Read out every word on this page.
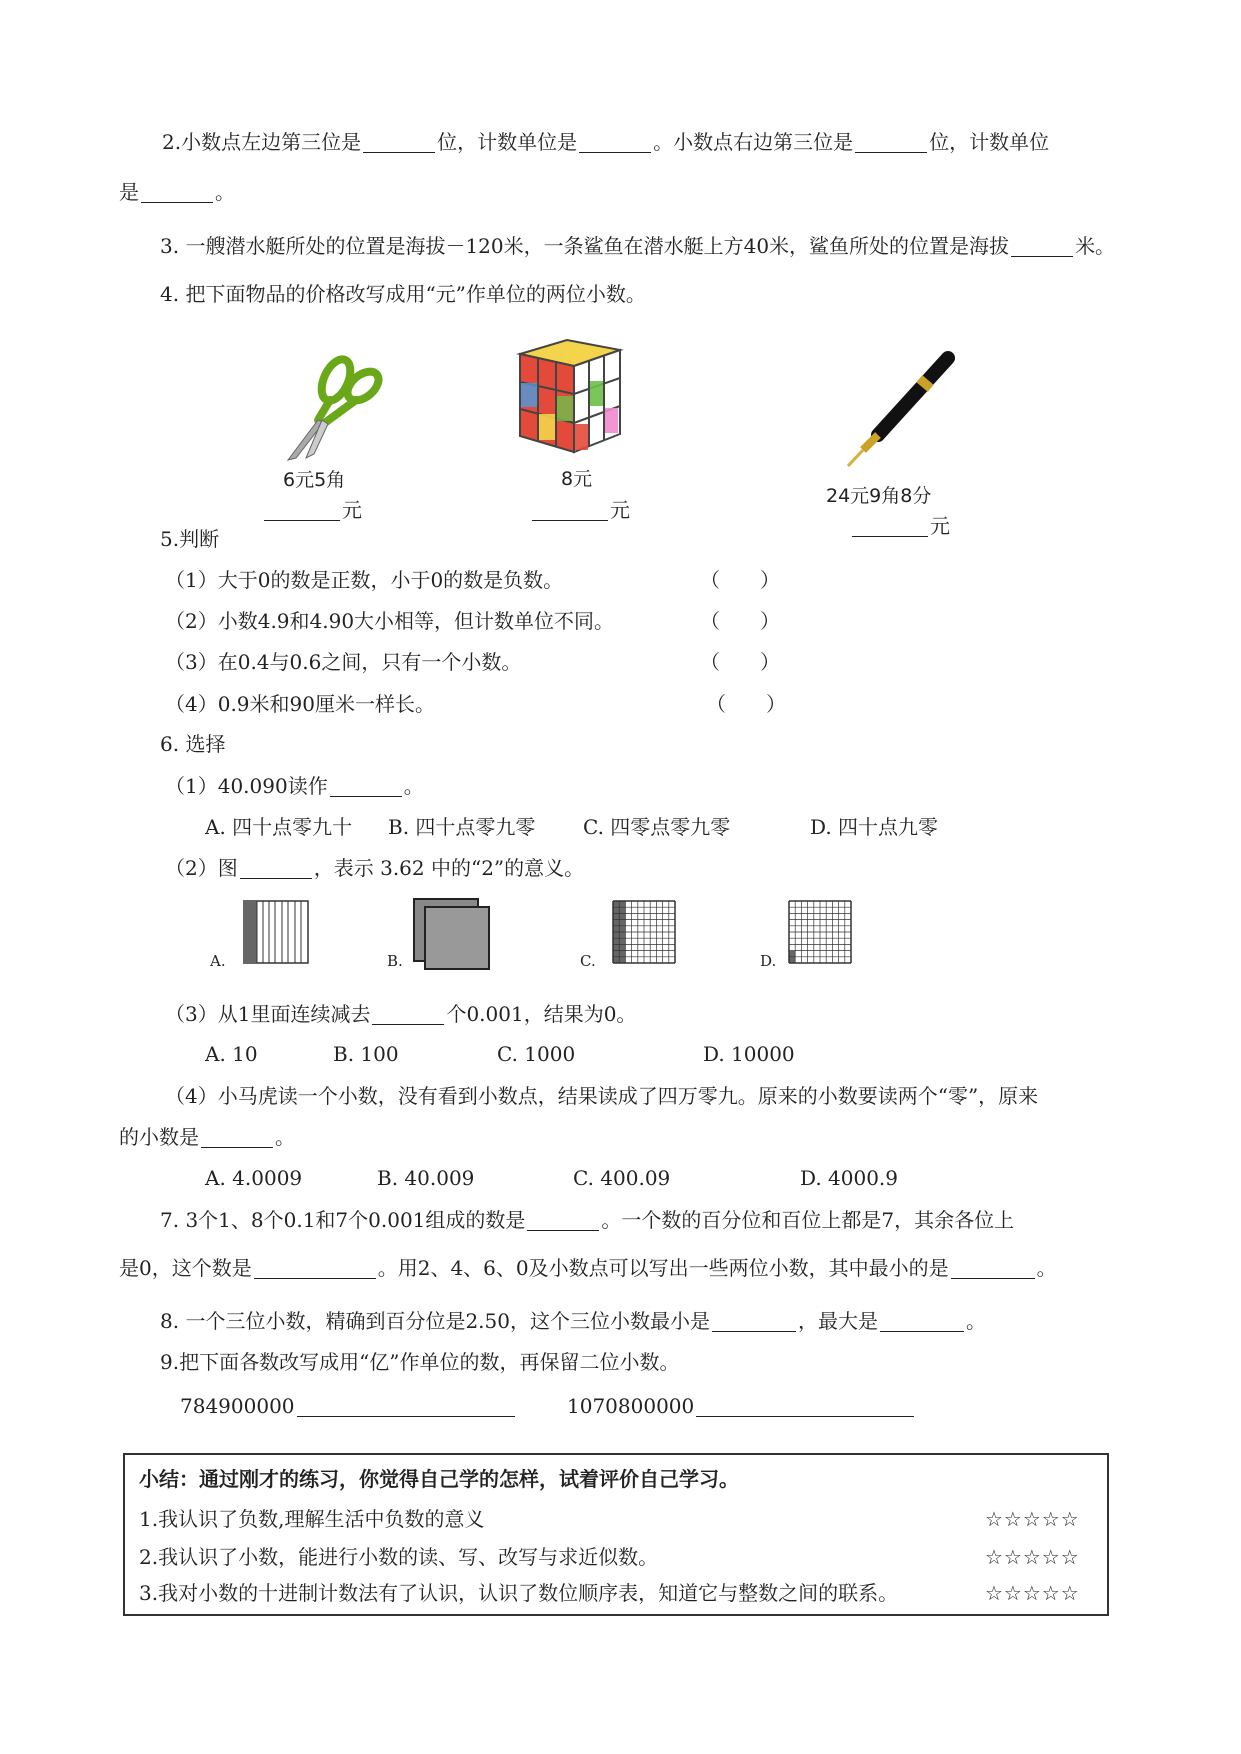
2.小数点左边第三位是	位，计数单位是	。小数点右边第三位是	位，计数单位
是	。
3. 一艘潜水艇所处的位置是海拔－120米，一条鲨鱼在潜水艇上方40米，鲨鱼所处的位置是海拔	米。
4. 把下面物品的价格改写成用“元”作单位的两位小数。
6元5角
元
8元
元
24元9角8分
元
5.判断
（1）大于0的数是正数，小于0的数是负数。	（　　）
（2）小数4.9和4.90大小相等，但计数单位不同。	（　　）
（3）在0.4与0.6之间，只有一个小数。	（　　）
（4）0.9米和90厘米一样长。	（　　）
6. 选择
（1）40.090读作	。
A. 四十点零九十 B. 四十点零九零 C. 四零点零九零	D. 四十点九零
（2）图	，表示 3.62 中的“2”的意义。
A.	B.	C.	D.
（3）从1里面连续减去	个0.001，结果为0。
A. 10	B. 100	C. 1000	D. 10000
（4）小马虎读一个小数，没有看到小数点，结果读成了四万零九。原来的小数要读两个“零”，原来
的小数是	。
A. 4.0009	B. 40.009	C. 400.09	D. 4000.9
7. 3个1、8个0.1和7个0.001组成的数是	。一个数的百分位和百位上都是7，其余各位上
是0，这个数是	。用2、4、6、0及小数点可以写出一些两位小数，其中最小的是	。
8. 一个三位小数，精确到百分位是2.50，这个三位小数最小是	，最大是	。
9.把下面各数改写成用“亿”作单位的数，再保留二位小数。
784900000	1070800000
小结：通过刚才的练习，你觉得自己学的怎样，试着评价自己学习。
1.我认识了负数,理解生活中负数的意义	☆☆☆☆☆
2.我认识了小数，能进行小数的读、写、改写与求近似数。	☆☆☆☆☆
3.我对小数的十进制计数法有了认识，认识了数位顺序表，知道它与整数之间的联系。	☆☆☆☆☆
